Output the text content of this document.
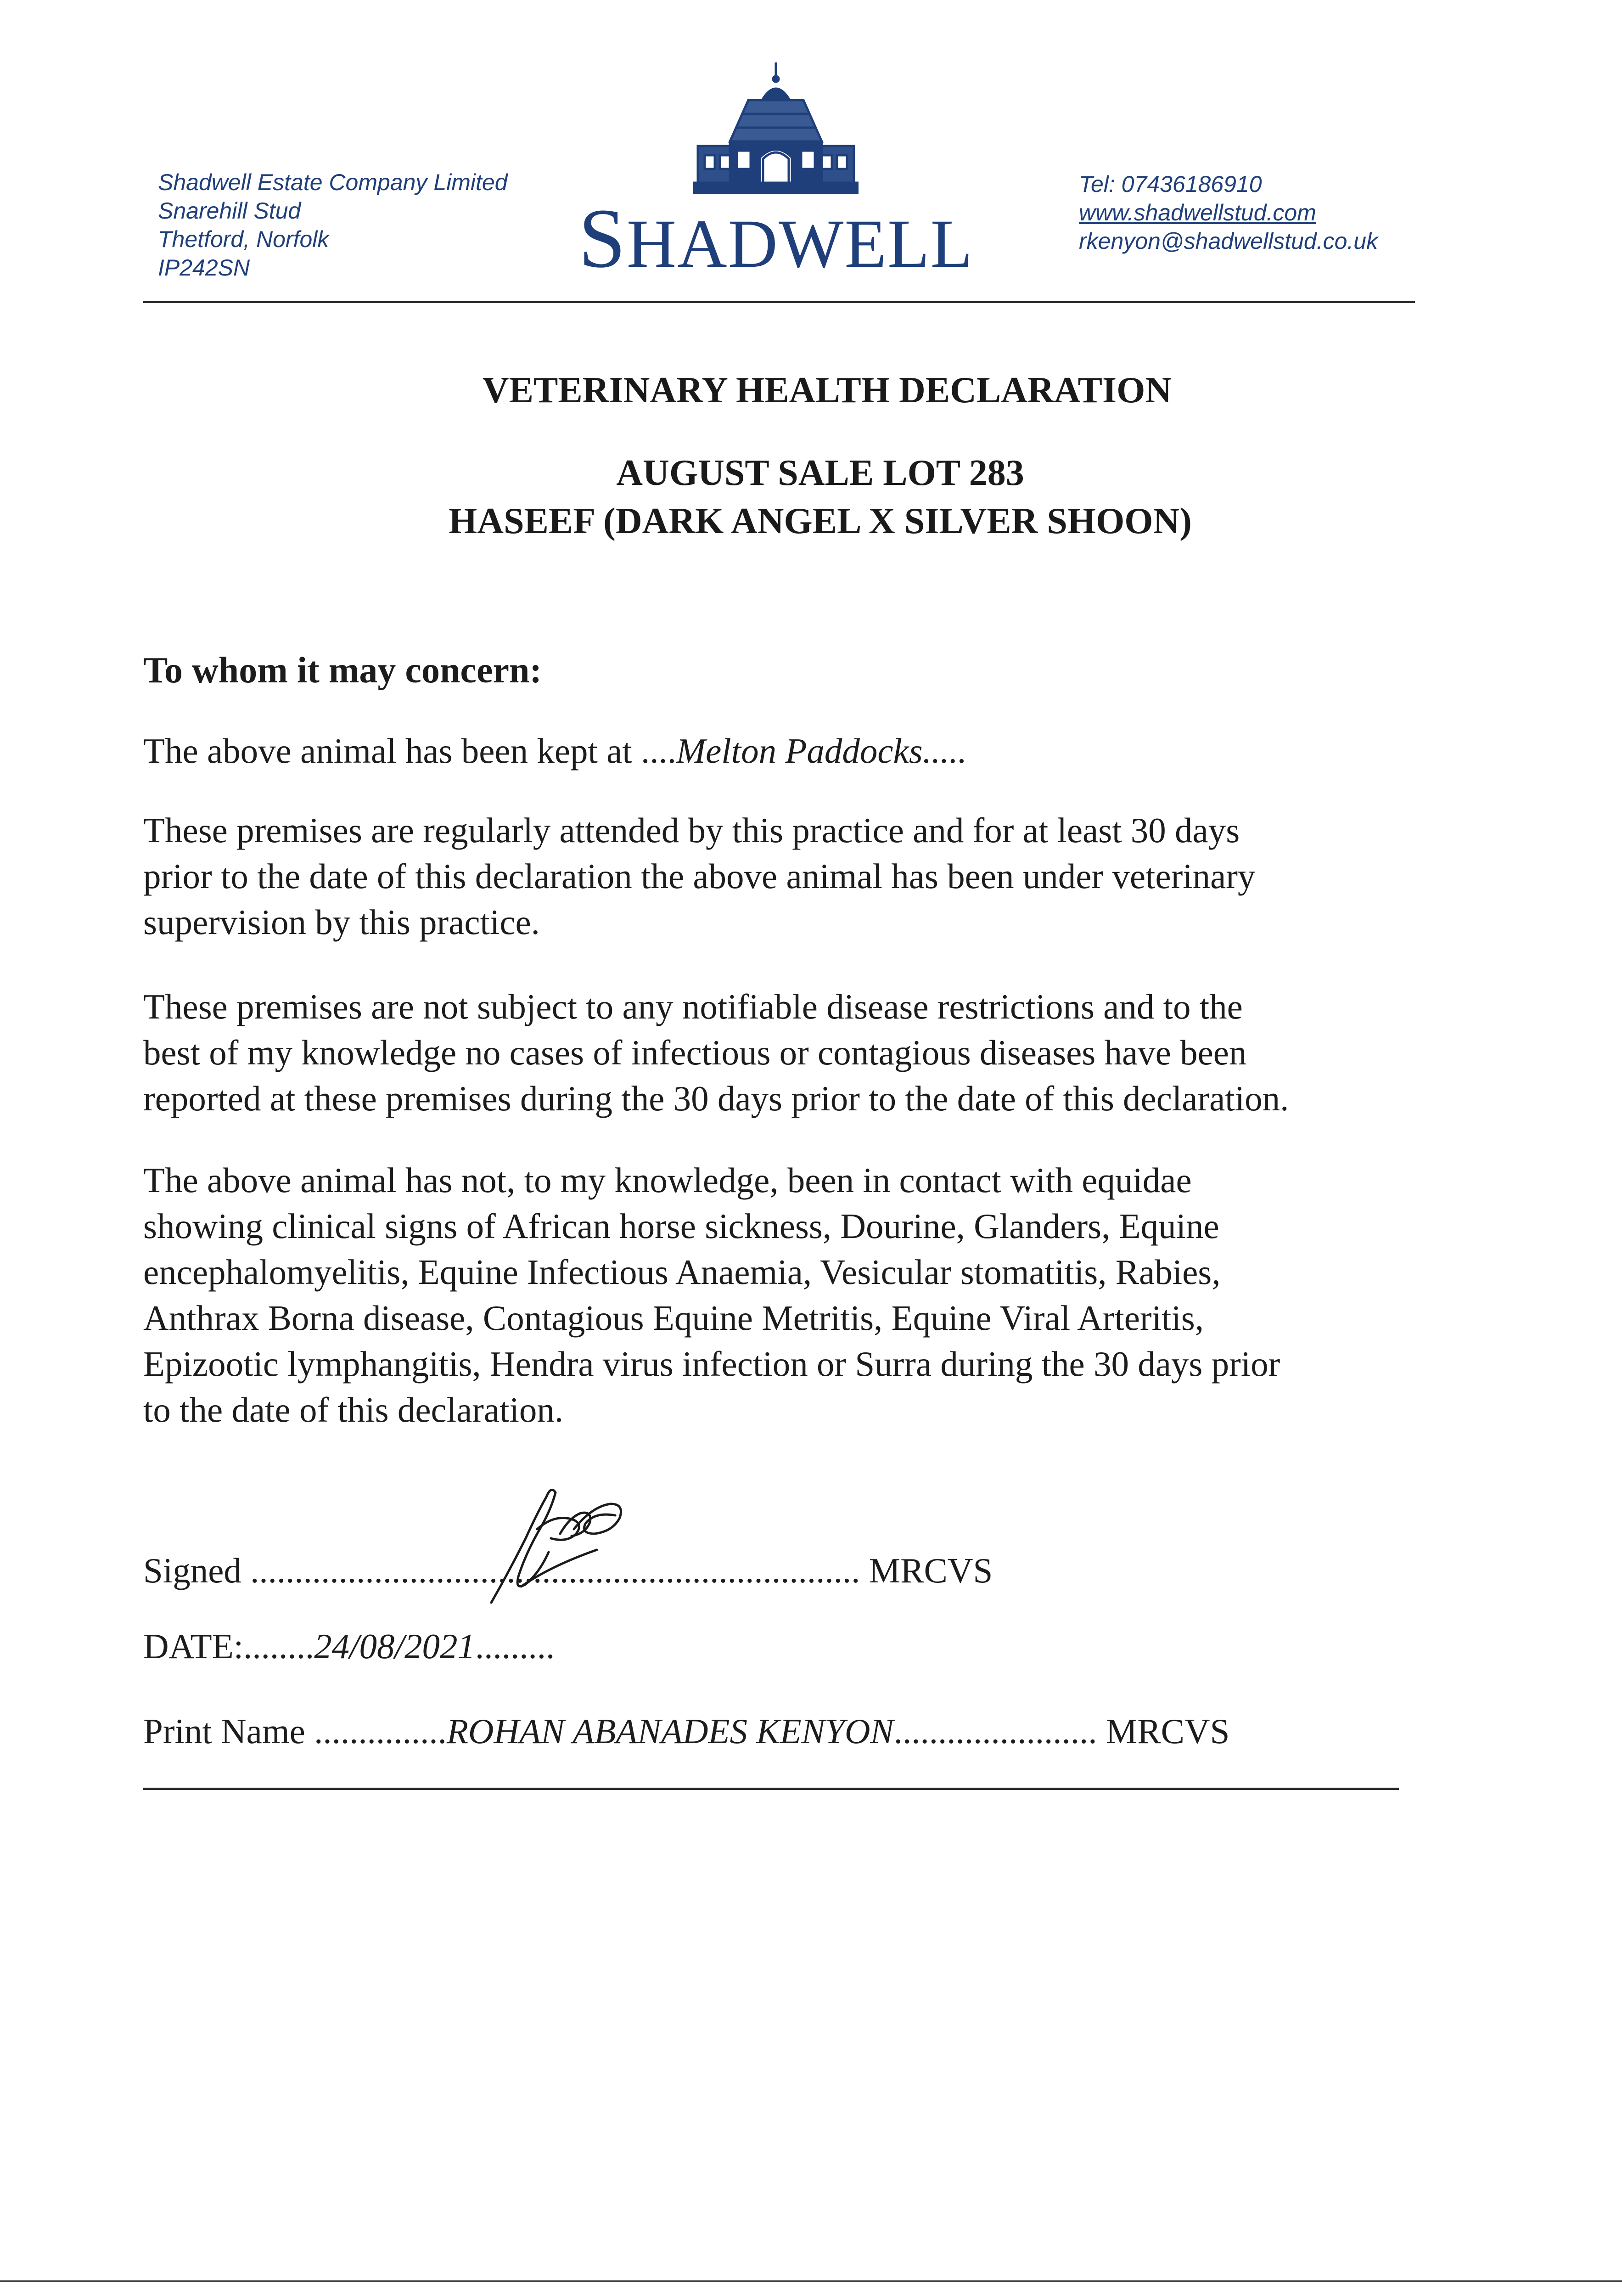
Shadwell Estate Company Limited
Snarehill Stud
Thetford, Norfolk
IP242SN	SHADWELL
Tel: 07436186910
www.shadwellstud.com
rkenyon@shadwellstud.co.uk
VETERINARY HEALTH DECLARATION
AUGUST SALE LOT 283
HASEEF (DARK ANGEL X SILVER SHOON)
To whom it may concern:
The above animal has been kept at ....Melton Paddocks.....
These premises are regularly attended by this practice and for at least 30 days
prior to the date of this declaration the above animal has been under veterinary
supervision by this practice.
These premises are not subject to any notifiable disease restrictions and to the
best of my knowledge no cases of infectious or contagious diseases have been
reported at these premises during the 30 days prior to the date of this declaration.
The above animal has not, to my knowledge, been in contact with equidae
showing clinical signs of African horse sickness, Dourine, Glanders, Equine
encephalomyelitis, Equine Infectious Anaemia, Vesicular stomatitis, Rabies,
Anthrax Borna disease, Contagious Equine Metritis, Equine Viral Arteritis,
Epizootic lymphangitis, Hendra virus infection or Surra during the 30 days prior
to the date of this declaration.
Signed ..................................................................... MRCVS
DATE:........24/08/2021.........
Print Name ...............ROHAN ABANADES KENYON....................... MRCVS
